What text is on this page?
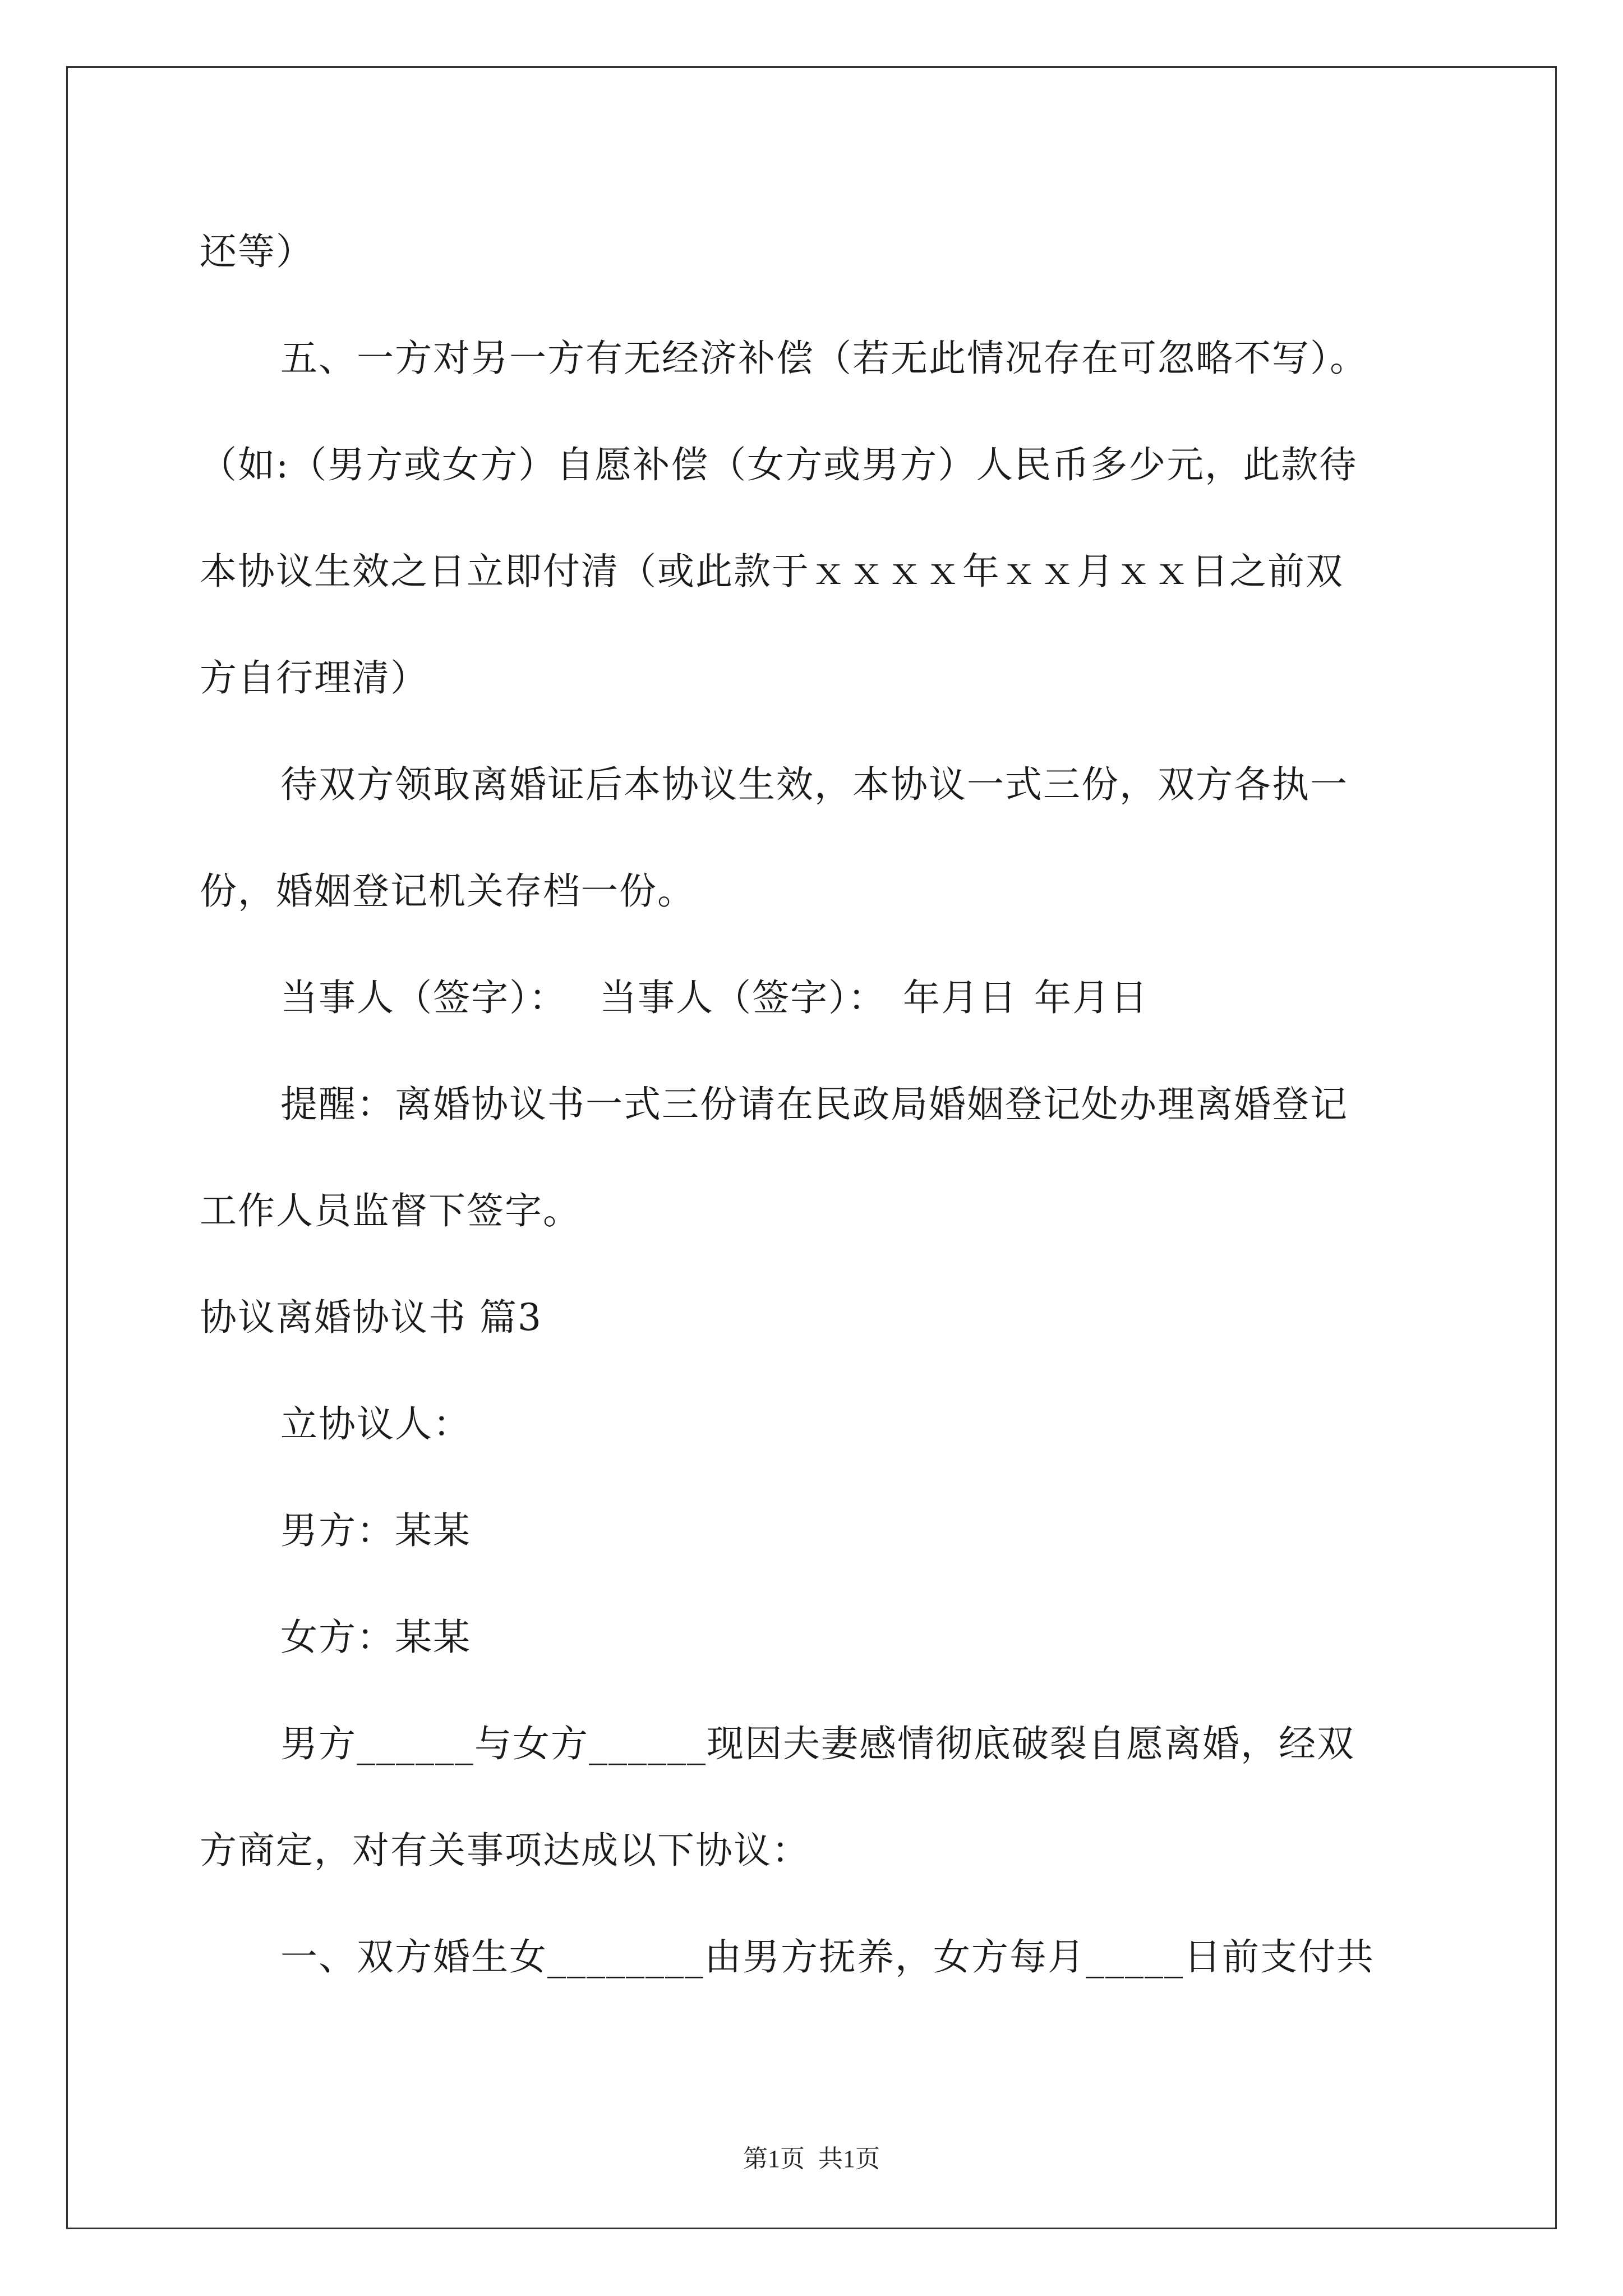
还等）
五、一方对另一方有无经济补偿（若无此情况存在可忽略不写）。
（如:（男方或女方）自愿补偿（女方或男方）人民币多少元，此款待
本协议生效之日立即付清（或此款于ｘｘｘｘ年ｘｘ月ｘｘ日之前双
方自行理清）
待双方领取离婚证后本协议生效，本协议一式三份，双方各执一
份，婚姻登记机关存档一份。
当事人（签字）： 当事人（签字）： 年月日 年月日
提醒：离婚协议书一式三份请在民政局婚姻登记处办理离婚登记
工作人员监督下签字。
协议离婚协议书 篇3
立协议人：
男方：某某
女方：某某
男方______与女方______现因夫妻感情彻底破裂自愿离婚，经双
方商定，对有关事项达成以下协议：
一、双方婚生女________由男方抚养，女方每月_____日前支付共
第1页 共1页
